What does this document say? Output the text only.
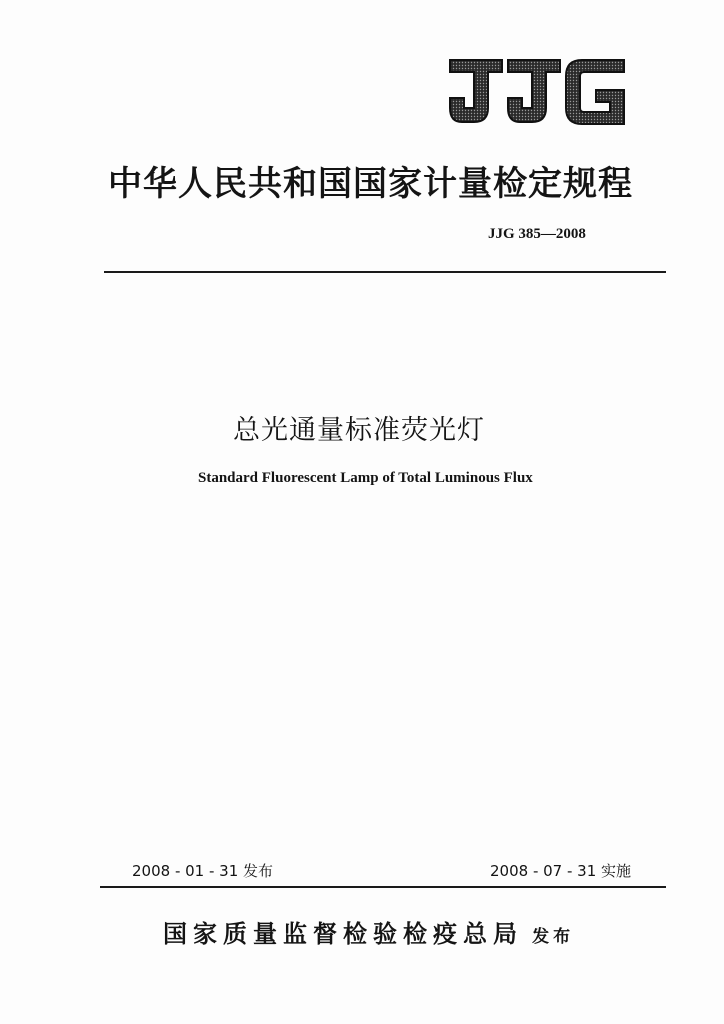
中华人民共和国国家计量检定规程
JJG 385—2008
总光通量标准荧光灯
Standard Fluorescent Lamp of Total Luminous Flux
2008 - 01 - 31 发布	2008 - 07 - 31 实施
国家质量监督检验检疫总局 发布
